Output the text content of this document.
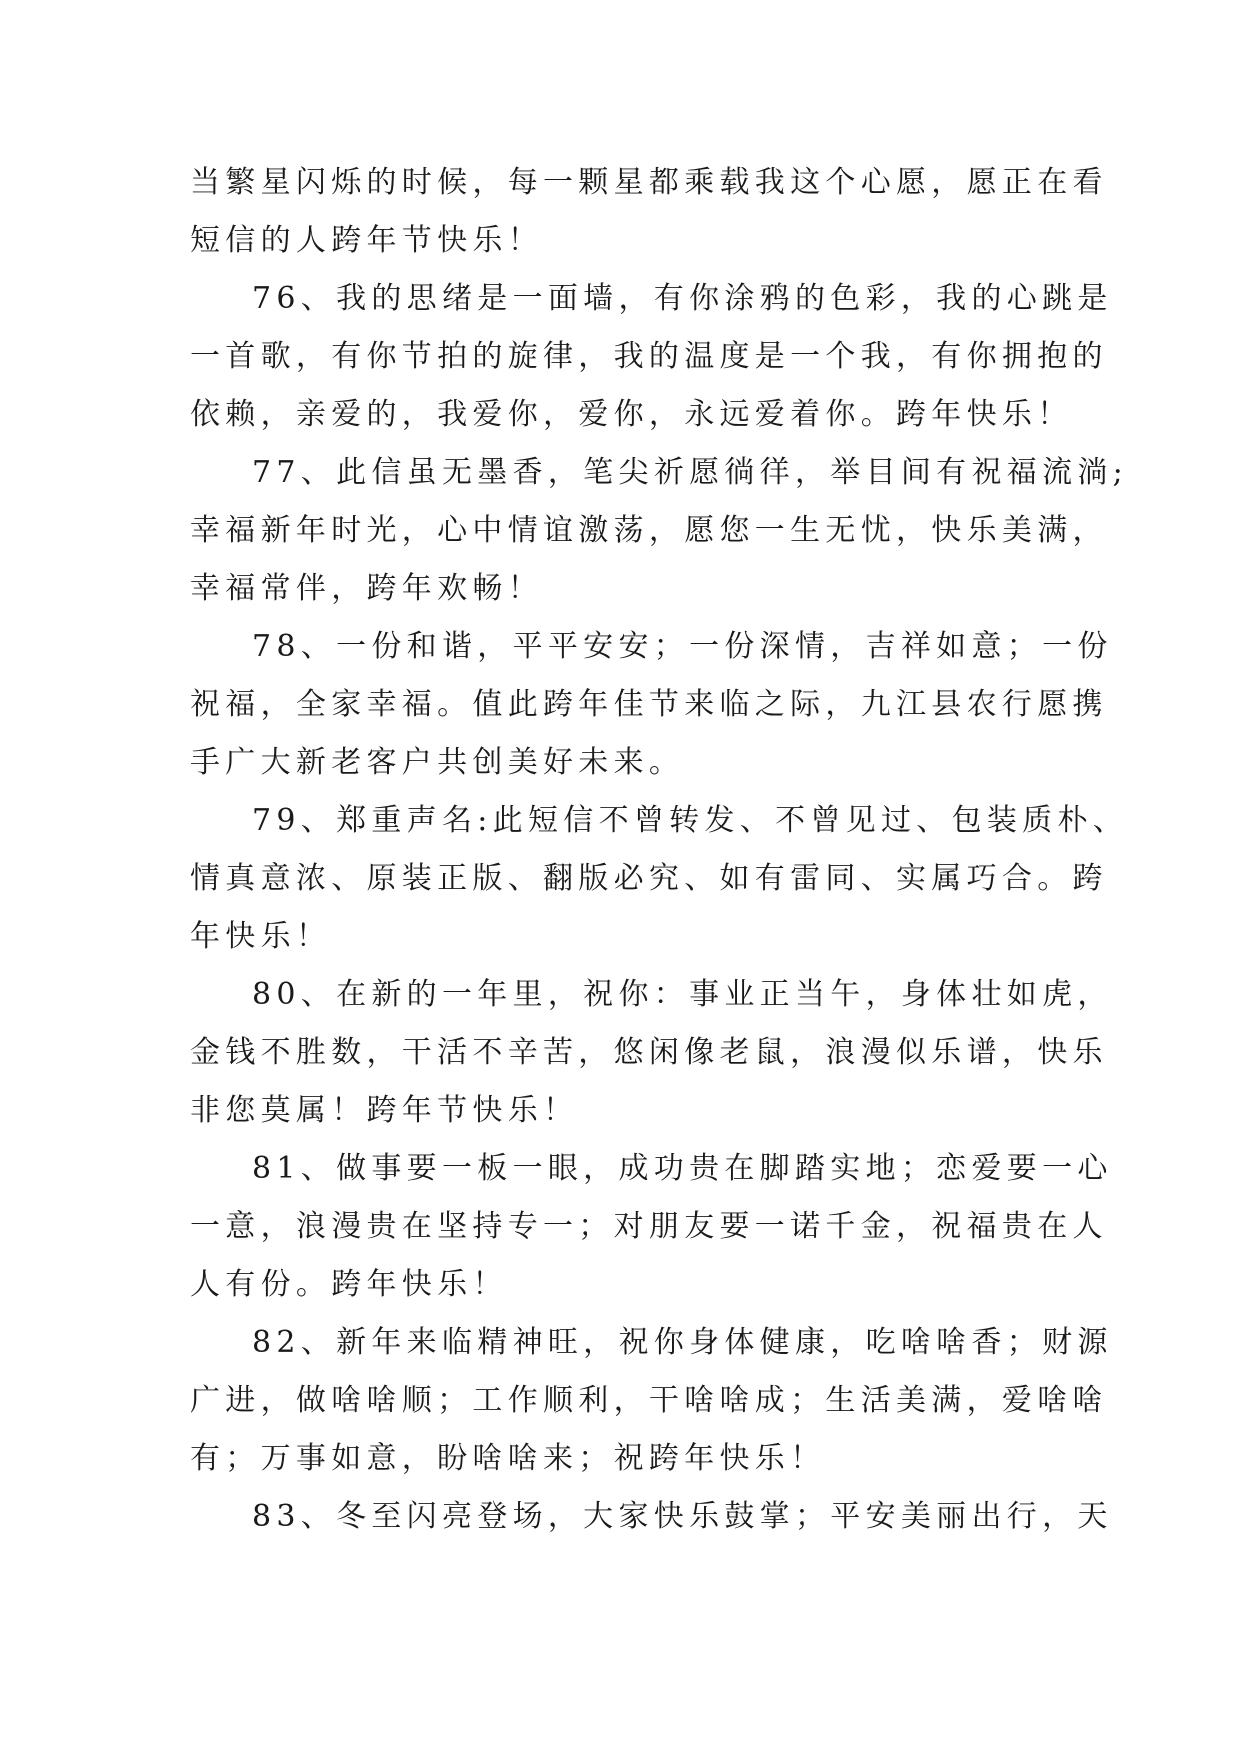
当繁星闪烁的时候，每一颗星都乘载我这个心愿，愿正在看
短信的人跨年节快乐！
76、我的思绪是一面墙，有你涂鸦的色彩，我的心跳是
一首歌，有你节拍的旋律，我的温度是一个我，有你拥抱的
依赖，亲爱的，我爱你，爱你，永远爱着你。跨年快乐！
77、此信虽无墨香，笔尖祈愿徜徉，举目间有祝福流淌;
幸福新年时光，心中情谊激荡，愿您一生无忧，快乐美满，
幸福常伴，跨年欢畅！
78、一份和谐，平平安安；一份深情，吉祥如意；一份
祝福，全家幸福。值此跨年佳节来临之际，九江县农行愿携
手广大新老客户共创美好未来。
79、郑重声名:此短信不曾转发、不曾见过、包装质朴、
情真意浓、原装正版、翻版必究、如有雷同、实属巧合。跨
年快乐！
80、在新的一年里，祝你：事业正当午，身体壮如虎，
金钱不胜数，干活不辛苦，悠闲像老鼠，浪漫似乐谱，快乐
非您莫属！跨年节快乐！
81、做事要一板一眼，成功贵在脚踏实地；恋爱要一心
一意，浪漫贵在坚持专一；对朋友要一诺千金，祝福贵在人
人有份。跨年快乐！
82、新年来临精神旺，祝你身体健康，吃啥啥香；财源
广进，做啥啥顺；工作顺利，干啥啥成；生活美满，爱啥啥
有；万事如意，盼啥啥来；祝跨年快乐！
83、冬至闪亮登场，大家快乐鼓掌；平安美丽出行，天
